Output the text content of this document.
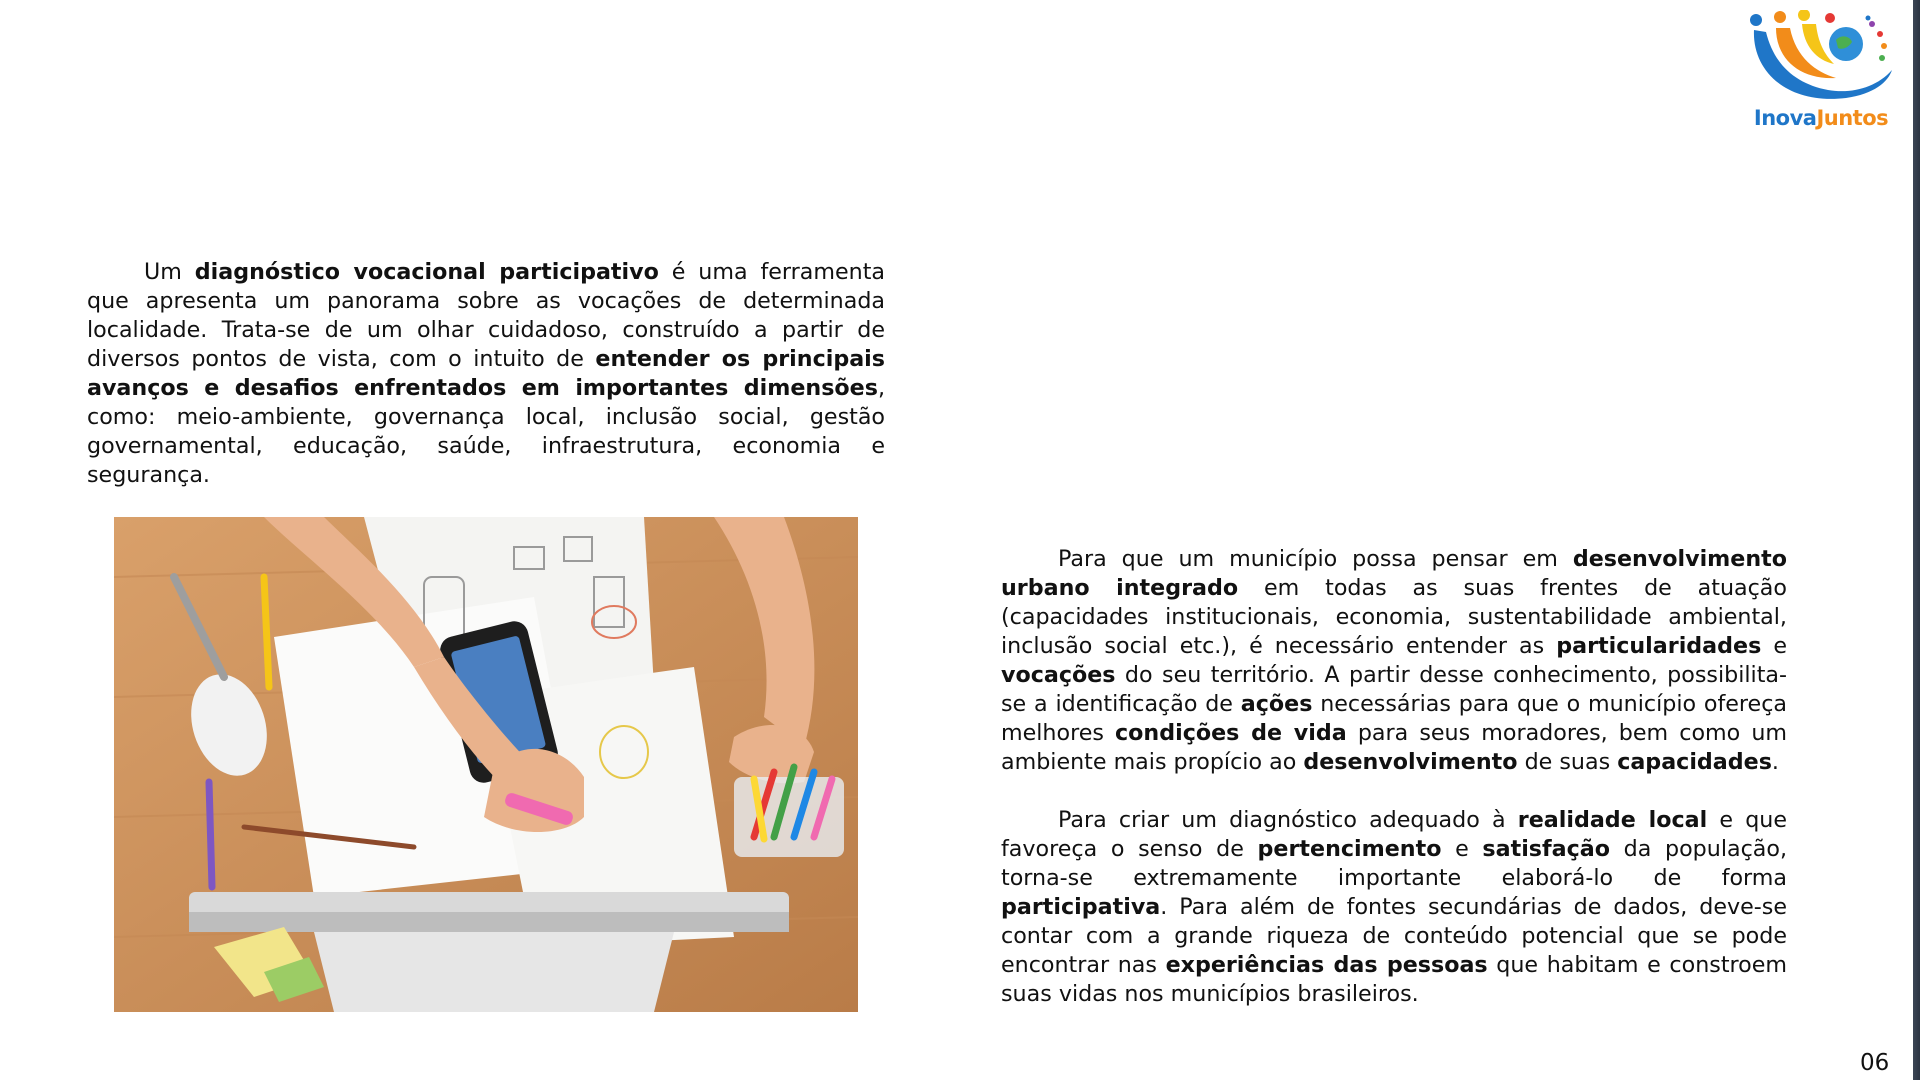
InovaJuntos

Um diagnóstico vocacional participativo é uma ferramenta que apresenta um panorama sobre as vocações de determinada localidade. Trata-se de um olhar cuidadoso, construído a partir de diversos pontos de vista, com o intuito de entender os principais avanços e desafios enfrentados em importantes dimensões, como: meio-ambiente, governança local, inclusão social, gestão governamental, educação, saúde, infraestrutura, economia e segurança.

Para que um município possa pensar em desenvolvimento urbano integrado em todas as suas frentes de atuação (capacidades institucionais, economia, sustentabilidade ambiental, inclusão social etc.), é necessário entender as particularidades e vocações do seu território. A partir desse conhecimento, possibilita-se a identificação de ações necessárias para que o município ofereça melhores condições de vida para seus moradores, bem como um ambiente mais propício ao desenvolvimento de suas capacidades.

Para criar um diagnóstico adequado à realidade local e que favoreça o senso de pertencimento e satisfação da população, torna-se extremamente importante elaborá-lo de forma participativa. Para além de fontes secundárias de dados, deve-se contar com a grande riqueza de conteúdo potencial que se pode encontrar nas experiências das pessoas que habitam e constroem suas vidas nos municípios brasileiros.

06
